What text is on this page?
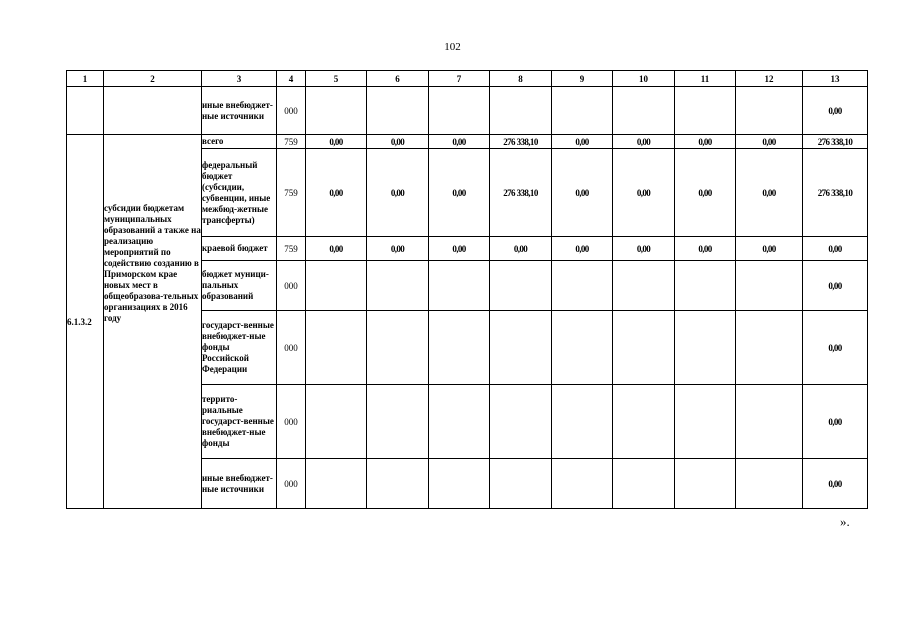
102
1	2	3	4	5	6	7	8	9	10	11	12	13
		иные внебюджет-ные источники	000									0,00
6.1.3.2	субсидии бюджетам муниципальных образований а также на реализацию мероприятий по содействию созданию в Приморском крае новых мест в общеобразова-тельных организациях в 2016 году	всего	759	0,00	0,00	0,00	276 338,10	0,00	0,00	0,00	0,00	276 338,10
		федеральный бюджет (субсидии, субвенции, иные межбюд-жетные трансферты)	759	0,00	0,00	0,00	276 338,10	0,00	0,00	0,00	0,00	276 338,10
		краевой бюджет	759	0,00	0,00	0,00	0,00	0,00	0,00	0,00	0,00	0,00
		бюджет муници-пальных образований	000									0,00
		государст-венные внебюджет-ные фонды Российской Федерации	000									0,00
		террито-риальные государст-венные внебюджет-ные фонды	000									0,00
		иные внебюджет-ные источники	000									0,00
».
